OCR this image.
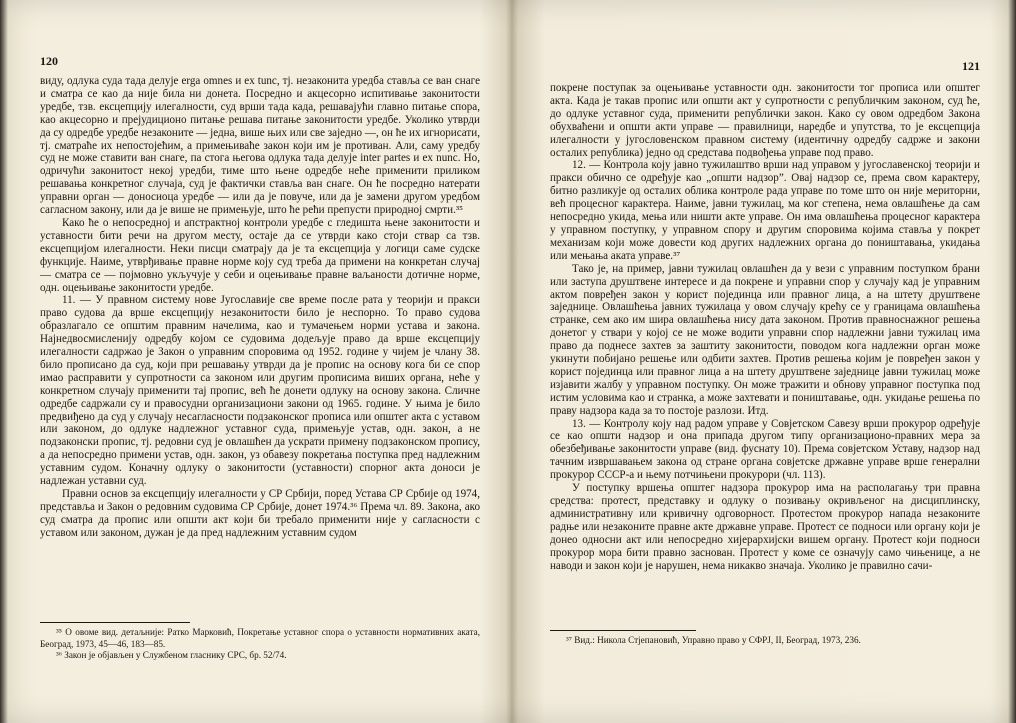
120

виду, одлука суда тада делује erga omnes и ex tunc, тј. незаконита уредба ставља се ван снаге и сматра се као да није била ни донета. Посредно и акцесорно испитивање законитости уредбе, тзв. ексцепцију илегалности, суд врши тада када, решавајући главно питање спора, као акцесорно и прејудиционо питање решава питање законитости уредбе. Уколико утврди да су одредбе уредбе незаконите — једна, више њих или све заједно —, он ће их игнорисати, тј. сматраће их непостојећим, а примењиваће закон који им је противан. Али, саму уредбу суд не може ставити ван снаге, па стога његова одлука тада делује inter partes и ex nunc. Но, одричући законитост некој уредби, тиме што њене одредбе неће применити приликом решавања конкретног случаја, суд је фактички ставља ван снаге. Он ће посредно натерати управни орган — доносиоца уредбе — или да је повуче, или да је замени другом уредбом сагласном закону, или да је више не примењује, што ће рећи препусти природној смрти.³⁵

Како ће о непосредној и апстрактној контроли уредбе с гледишта њене законитости и уставности бити речи на другом месту, остаје да се утврди како стоји ствар са тзв. ексцепцијом илегалности. Неки писци сматрају да је та ексцепција у логици саме судске функције. Наиме, утврђивање правне норме коју суд треба да примени на конкретан случај — сматра се — појмовно укључује у себи и оцењивање правне ваљаности дотичне норме, одн. оцењивање законитости уредбе.

11. — У правном систему нове Југославије све време после рата у теорији и пракси право судова да врше ексцепцију незаконитости било је неспорно. То право судова образлагало се општим правним начелима, као и тумачењем норми устава и закона. Најнедвосмисленију одредбу којом се судовима додељује право да врше ексцепцију илегалности садржао је Закон о управним споровима од 1952. године у чијем је члану 38. било прописано да суд, који при решавању утврди да је пропис на основу кога би се спор имао расправити у супротности са законом или другим прописима виших органа, неће у конкретном случају применити тај пропис, већ ће донети одлуку на основу закона. Сличне одредбе садржали су и правосудни организациони закони од 1965. године. У њима је било предвиђено да суд у случају несагласности подзаконског прописа или општег акта с уставом или законом, до одлуке надлежног уставног суда, примењује устав, одн. закон, а не подзаконски пропис, тј. редовни суд је овлашћен да ускрати примену подзаконском пропису, а да непосредно примени устав, одн. закон, уз обавезу покретања поступка пред надлежним уставним судом. Коначну одлуку о законитости (уставности) спорног акта доноси је надлежан уставни суд.

Правни основ за ексцепцију илегалности у СР Србији, поред Устава СР Србије од 1974, представља и Закон о редовним судовима СР Србије, донет 1974.³⁶ Према чл. 89. Закона, ако суд сматра да пропис или општи акт који би требало применити није у сагласности с уставом или законом, дужан је да пред надлежним уставним судом

³⁵ О овоме вид. детаљније: Ратко Марковић, Покретање уставног спора о уставности нормативних аката, Београд, 1973, 45—46, 183—85.

³⁶ Закон је објављен у Службеном гласнику СРС, бр. 52/74.

121

покрене поступак за оцењивање уставности одн. законитости тог прописа или општег акта. Када је такав пропис или општи акт у супротности с републичким законом, суд ће, до одлуке уставног суда, применити републички закон. Како су овом одредбом Закона обухваћени и општи акти управе — правилници, наредбе и упутства, то је ексцепција илегалности у југословенском правном систему (идентичну одредбу садрже и закони осталих република) једно од средстава подвођења управе под право.

12. — Контрола коју јавно тужилаштво врши над управом у југославенској теорији и пракси обично се одређује као „општи надзор”. Овај надзор се, према свом карактеру, битно разликује од осталих облика контроле рада управе по томе што он није мериторни, већ процесног карактера. Наиме, јавни тужилац, ма ког степена, нема овлашћење да сам непосредно укида, мења или ништи акте управе. Он има овлашћења процесног карактера у управном поступку, у управном спору и другим споровима којима ставља у покрет механизам који може довести код других надлежних органа до поништавања, укидања или мењања аката управе.³⁷

Тако је, на пример, јавни тужилац овлашћен да у вези с управним поступком брани или заступа друштвене интересе и да покрене и управни спор у случају кад је управним актом повређен закон у корист појединца или правног лица, а на штету друштвене заједнице. Овлашћења јавних тужилаца у овом случају крећу се у границама овлашћења странке, сем ако им шира овлашћења нису дата законом. Против правноснажног решења донетог у ствари у којој се не може водити управни спор надлежни јавни тужилац има право да поднесе захтев за заштиту законитости, поводом кога надлежни орган може укинути побијано решење или одбити захтев. Против решења којим је повређен закон у корист појединца или правног лица а на штету друштвене заједнице јавни тужилац може изјавити жалбу у управном поступку. Он може тражити и обнову управног поступка под истим условима као и странка, а може захтевати и поништавање, одн. укидање решења по праву надзора када за то постоје разлози. Итд.

13. — Контролу коју над радом управе у Совјетском Савезу врши прокурор одређује се као општи надзор и она припада другом типу организационо-правних мера за обезбеђивање законитости управе (вид. фуснату 10). Према совјетском Уставу, надзор над тачним извршавањем закона од стране органа совјетске државне управе врше генерални прокурор СССР-а и њему потчињени прокурори (чл. 113).

У поступку вршења општег надзора прокурор има на располагању три правна средства: протест, представку и одлуку о позивању окривљеног на дисциплинску, административну или кривичну одговорност. Протестом прокурор напада незаконите радње или незаконите правне акте државне управе. Протест се подноси или органу који је донео односни акт или непосредно хијерархијски вишем органу. Протест који подноси прокурор мора бити правно заснован. Протест у коме се означују само чињенице, а не наводи и закон који је нарушен, нема никакво значаја. Уколико је правилно сачи-

³⁷ Вид.: Никола Стјепановић, Управно право у СФРЈ, II, Београд, 1973, 236.
